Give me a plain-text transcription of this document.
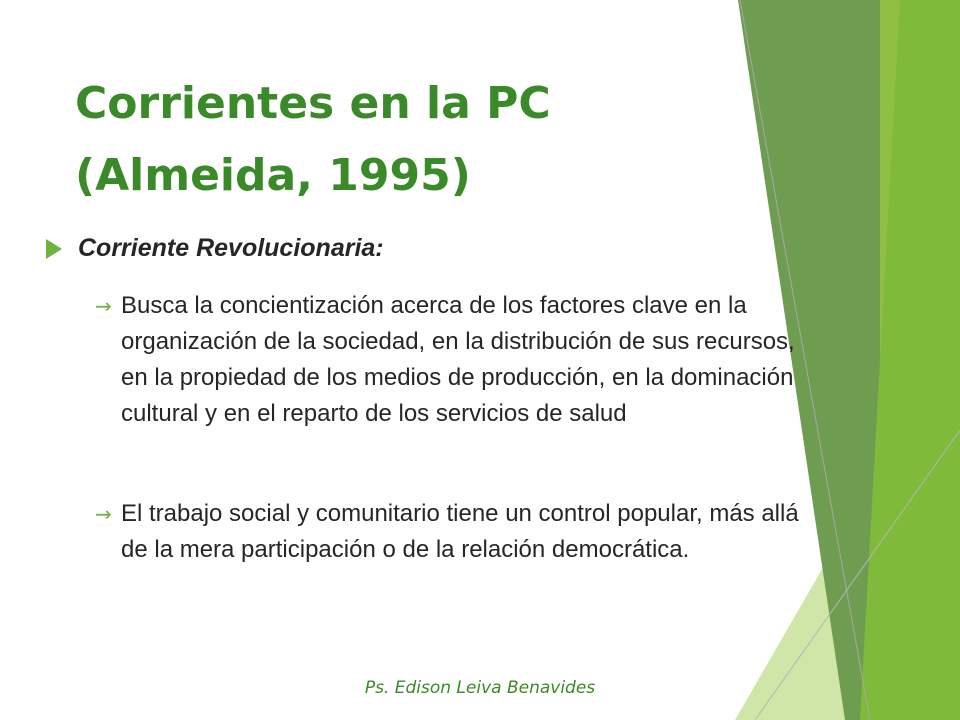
Corrientes en la PC
(Almeida, 1995)
Corriente Revolucionaria:
→ Busca la concientización acerca de los factores clave en la organización de la sociedad, en la distribución de sus recursos, en la propiedad de los medios de producción, en la dominación cultural y en el reparto de los servicios de salud
→ El trabajo social y comunitario tiene un control popular, más allá de la mera participación o de la relación democrática.
Ps. Edison Leiva Benavides
